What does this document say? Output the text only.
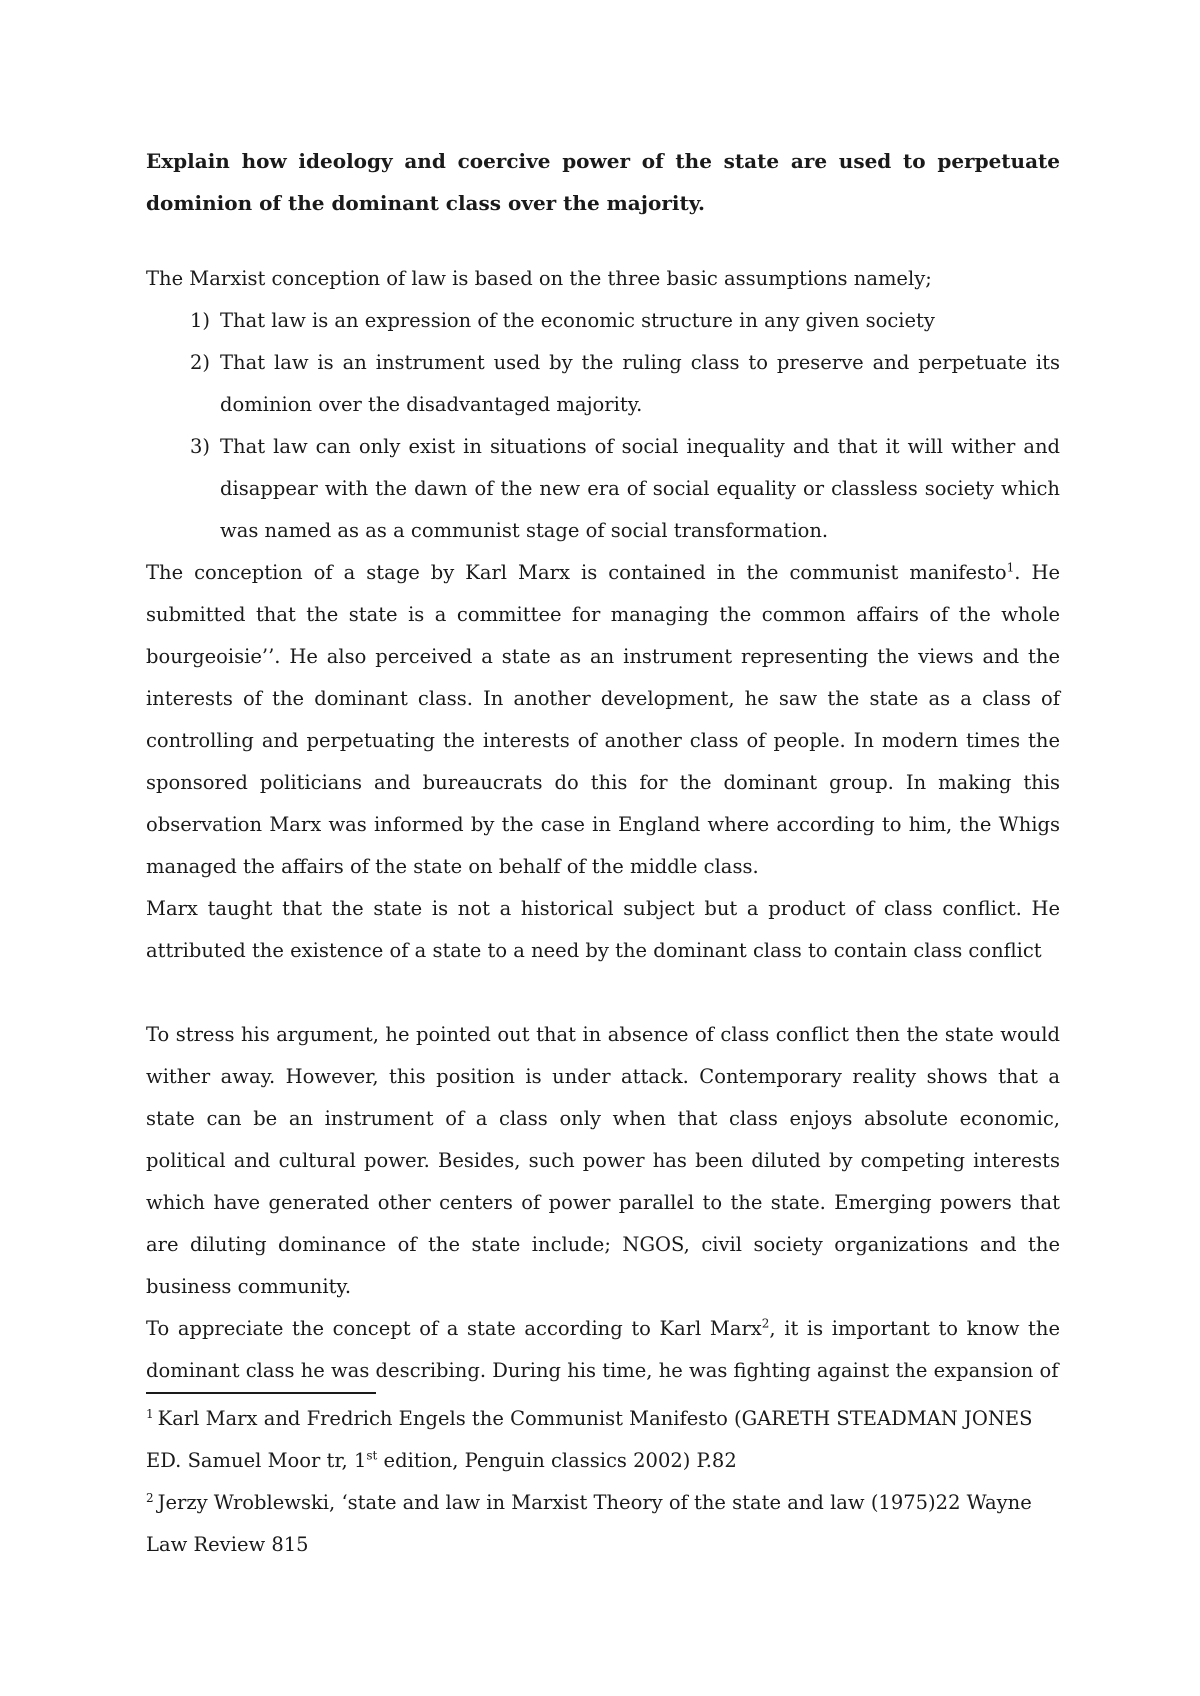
Explain how ideology and coercive power of the state are used to perpetuate dominion of the dominant class over the majority.

The Marxist conception of law is based on the three basic assumptions namely;

1) That law is an expression of the economic structure in any given society
2) That law is an instrument used by the ruling class to preserve and perpetuate its dominion over the disadvantaged majority.
3) That law can only exist in situations of social inequality and that it will wither and disappear with the dawn of the new era of social equality or classless society which was named as as a communist stage of social transformation.

The conception of a stage by Karl Marx is contained in the communist manifesto$^1$. He submitted that the state is a committee for managing the common affairs of the whole bourgeoisie’’. He also perceived a state as an instrument representing the views and the interests of the dominant class. In another development, he saw the state as a class of controlling and perpetuating the interests of another class of people. In modern times the sponsored politicians and bureaucrats do this for the dominant group. In making this observation Marx was informed by the case in England where according to him, the Whigs managed the affairs of the state on behalf of the middle class.

Marx taught that the state is not a historical subject but a product of class conflict. He attributed the existence of a state to a need by the dominant class to contain class conflict

To stress his argument, he pointed out that in absence of class conflict then the state would wither away. However, this position is under attack. Contemporary reality shows that a state can be an instrument of a class only when that class enjoys absolute economic, political and cultural power. Besides, such power has been diluted by competing interests which have generated other centers of power parallel to the state. Emerging powers that are diluting dominance of the state include; NGOS, civil society organizations and the business community.

To appreciate the concept of a state according to Karl Marx$^2$, it is important to know the dominant class he was describing. During his time, he was fighting against the expansion of

$^1$ Karl Marx and Fredrich Engels the Communist Manifesto (GARETH STEADMAN JONES ED. Samuel Moor tr, 1st edition, Penguin classics 2002) P.82

$^2$ Jerzy Wroblewski, ‘state and law in Marxist Theory of the state and law (1975)22 Wayne Law Review 815
